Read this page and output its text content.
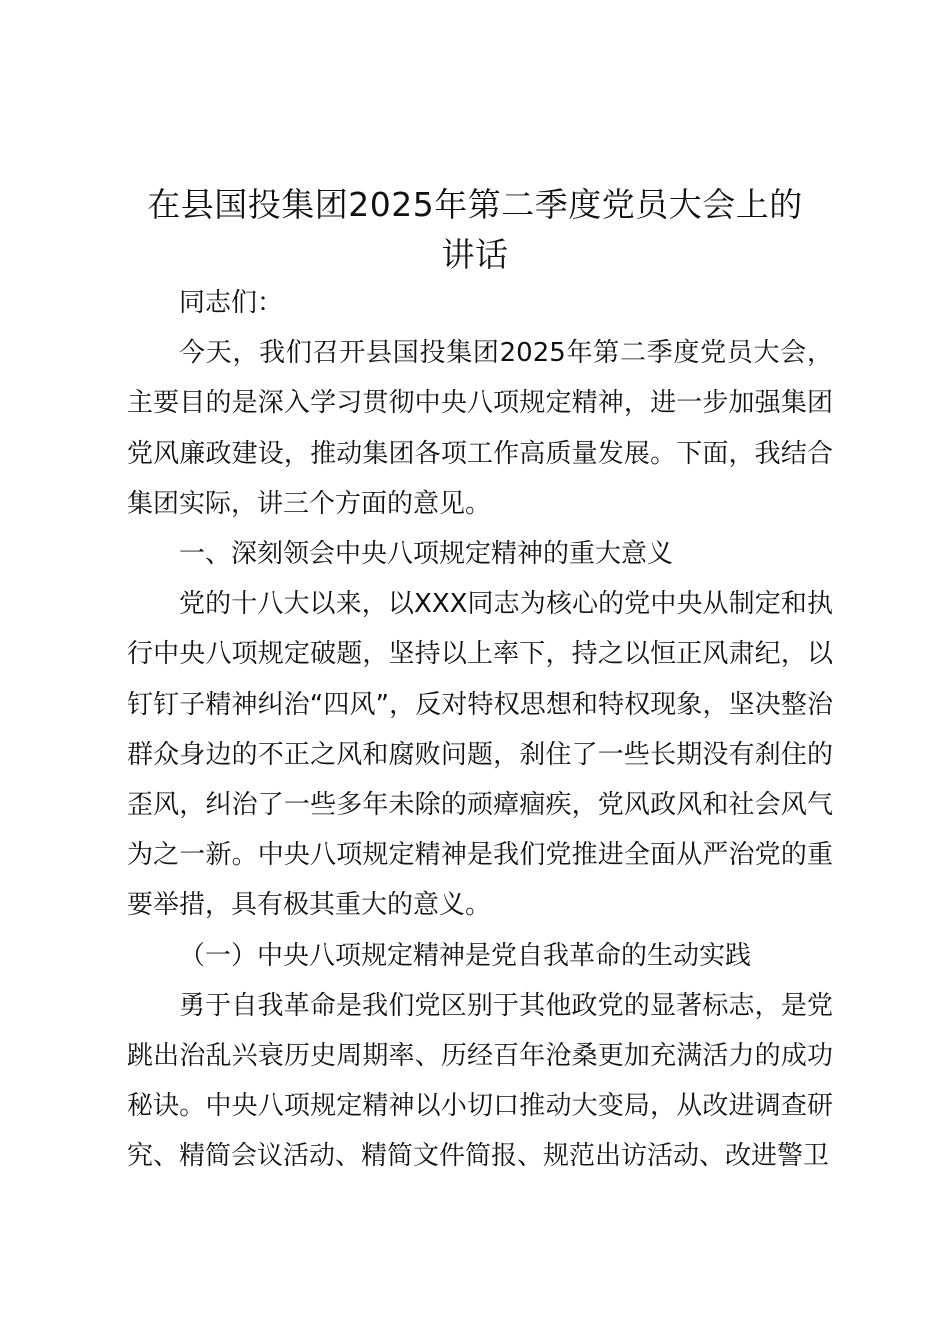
在县国投集团2025年第二季度党员大会上的
讲话

同志们：

今天，我们召开县国投集团2025年第二季度党员大会，主要目的是深入学习贯彻中央八项规定精神，进一步加强集团党风廉政建设，推动集团各项工作高质量发展。下面，我结合集团实际，讲三个方面的意见。

一、深刻领会中央八项规定精神的重大意义

党的十八大以来，以XXX同志为核心的党中央从制定和执行中央八项规定破题，坚持以上率下，持之以恒正风肃纪，以钉钉子精神纠治“四风”，反对特权思想和特权现象，坚决整治群众身边的不正之风和腐败问题，刹住了一些长期没有刹住的歪风，纠治了一些多年未除的顽瘴痼疾，党风政风和社会风气为之一新。中央八项规定精神是我们党推进全面从严治党的重要举措，具有极其重大的意义。

（一）中央八项规定精神是党自我革命的生动实践

勇于自我革命是我们党区别于其他政党的显著标志，是党跳出治乱兴衰历史周期率、历经百年沧桑更加充满活力的成功秘诀。中央八项规定精神以小切口推动大变局，从改进调查研究、精简会议活动、精简文件简报、规范出访活动、改进警卫
